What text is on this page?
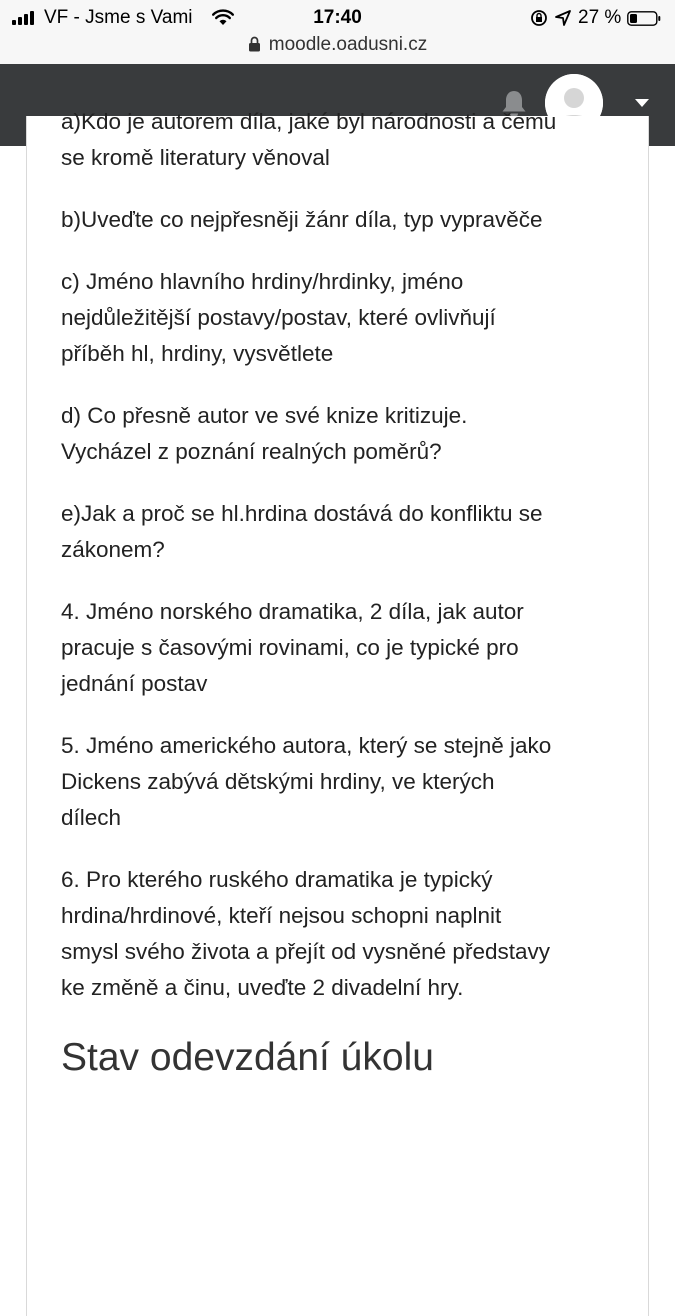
VF - Jsme s Vami	17:40	27 %
moodle.oadusni.cz

a)Kdo je autorem díla, jaké byl národnosti a čemu
se kromě literatury věnoval

b)Uveďte co nejpřesněji žánr díla, typ vypravěče

c) Jméno hlavního hrdiny/hrdinky, jméno
nejdůležitější postavy/postav, které ovlivňují
příběh hl, hrdiny, vysvětlete

d) Co přesně autor ve své knize kritizuje.
Vycházel z poznání realných poměrů?

e)Jak a proč se hl.hrdina dostává do konfliktu se
zákonem?

4. Jméno norského dramatika, 2 díla, jak autor
pracuje s časovými rovinami, co je typické pro
jednání postav

5. Jméno amerického autora, který se stejně jako
Dickens zabývá dětskými hrdiny, ve kterých
dílech

6. Pro kterého ruského dramatika je typický
hrdina/hrdinové, kteří nejsou schopni naplnit
smysl svého života a přejít od vysněné představy
ke změně a činu, uveďte 2 divadelní hry.

Stav odevzdání úkolu
